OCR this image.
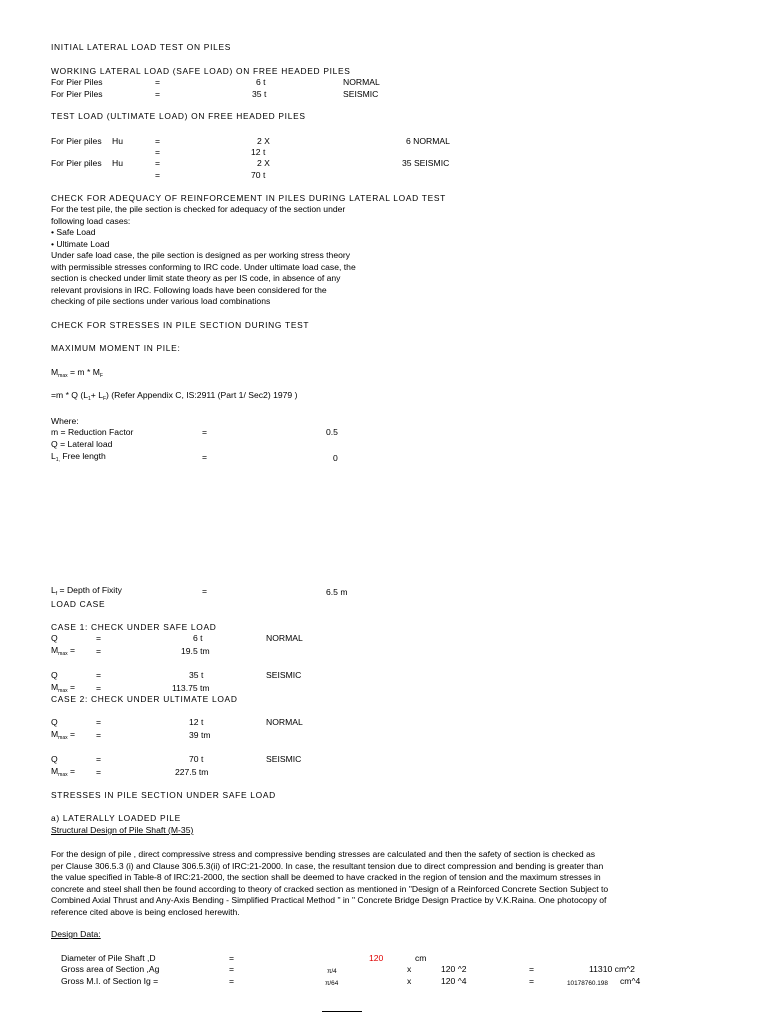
INITIAL LATERAL LOAD TEST ON PILES
WORKING LATERAL LOAD (SAFE LOAD) ON FREE HEADED PILES
For Pier Piles	=	6 t	NORMAL
For Pier Piles	=	35 t	SEISMIC
TEST LOAD (ULTIMATE LOAD) ON FREE HEADED PILES
For Pier piles Hu	=	2 X	6 NORMAL
=	12 t
For Pier piles Hu	=	2 X	35 SEISMIC
=	70 t
CHECK FOR ADEQUACY OF REINFORCEMENT IN PILES DURING LATERAL LOAD TEST
For the test pile, the pile section is checked for adequacy of the section under
following load cases:
• Safe Load
• Ultimate Load
Under safe load case, the pile section is designed as per working stress theory
with permissible stresses conforming to IRC code. Under ultimate load case, the
section is checked under limit state theory as per IS code, in absence of any
relevant provisions in IRC. Following loads have been considered for the
checking of pile sections under various load combinations
CHECK FOR STRESSES IN PILE SECTION DURING TEST
MAXIMUM MOMENT IN PILE:
$M_{max} = m * M_F$
=m * Q $(L_1+ L_F)$ (Refer Appendix C, IS:2911 (Part 1/ Sec2) 1979 )
Where:
m = Reduction Factor	=	0.5
Q = Lateral load
$L_{1,}$ Free length	=	0
$L_f$ = Depth of Fixity	=	6.5 m
LOAD CASE
CASE 1: CHECK UNDER SAFE LOAD
Q	=	6 t	NORMAL
$M_{max}$ = =	19.5 tm
Q	=	35 t	SEISMIC
$M_{max}$ = =	113.75 tm
CASE 2: CHECK UNDER ULTIMATE LOAD
Q	=	12 t	NORMAL
$M_{max}$ = =	39 tm
Q	=	70 t	SEISMIC
$M_{max}$ = =	227.5 tm
STRESSES IN PILE SECTION UNDER SAFE LOAD
a) LATERALLY LOADED PILE
Structural Design of Pile Shaft (M-35)
For the design of pile , direct compressive stress and compressive bending stresses are calculated and then the safety of section is checked as
per Clause 306.5.3 (i) and Clause 306.5.3(ii) of IRC:21-2000. In case, the resultant tension due to direct compression and bending is greater than
the value specified in Table-8 of IRC:21-2000, the section shall be deemed to have cracked in the region of tension and the maximum stresses in
concrete and steel shall then be found according to theory of cracked section as mentioned in "Design of a Reinforced Concrete Section Subject to
Combined Axial Thrust and Any-Axis Bending - Simplified Practical Method " in " Concrete Bridge Design Practice by V.K.Raina. One photocopy of
reference cited above is being enclosed herewith.
Design Data:
Diameter of Pile Shaft ,D	=	120	cm
Gross area of Section ,Ag	=	π/4	x	120 ^2	=	11310 cm^2
Gross M.I. of Section Ig =	=	π/64	x	120 ^4	=	10178760.198 cm^4
